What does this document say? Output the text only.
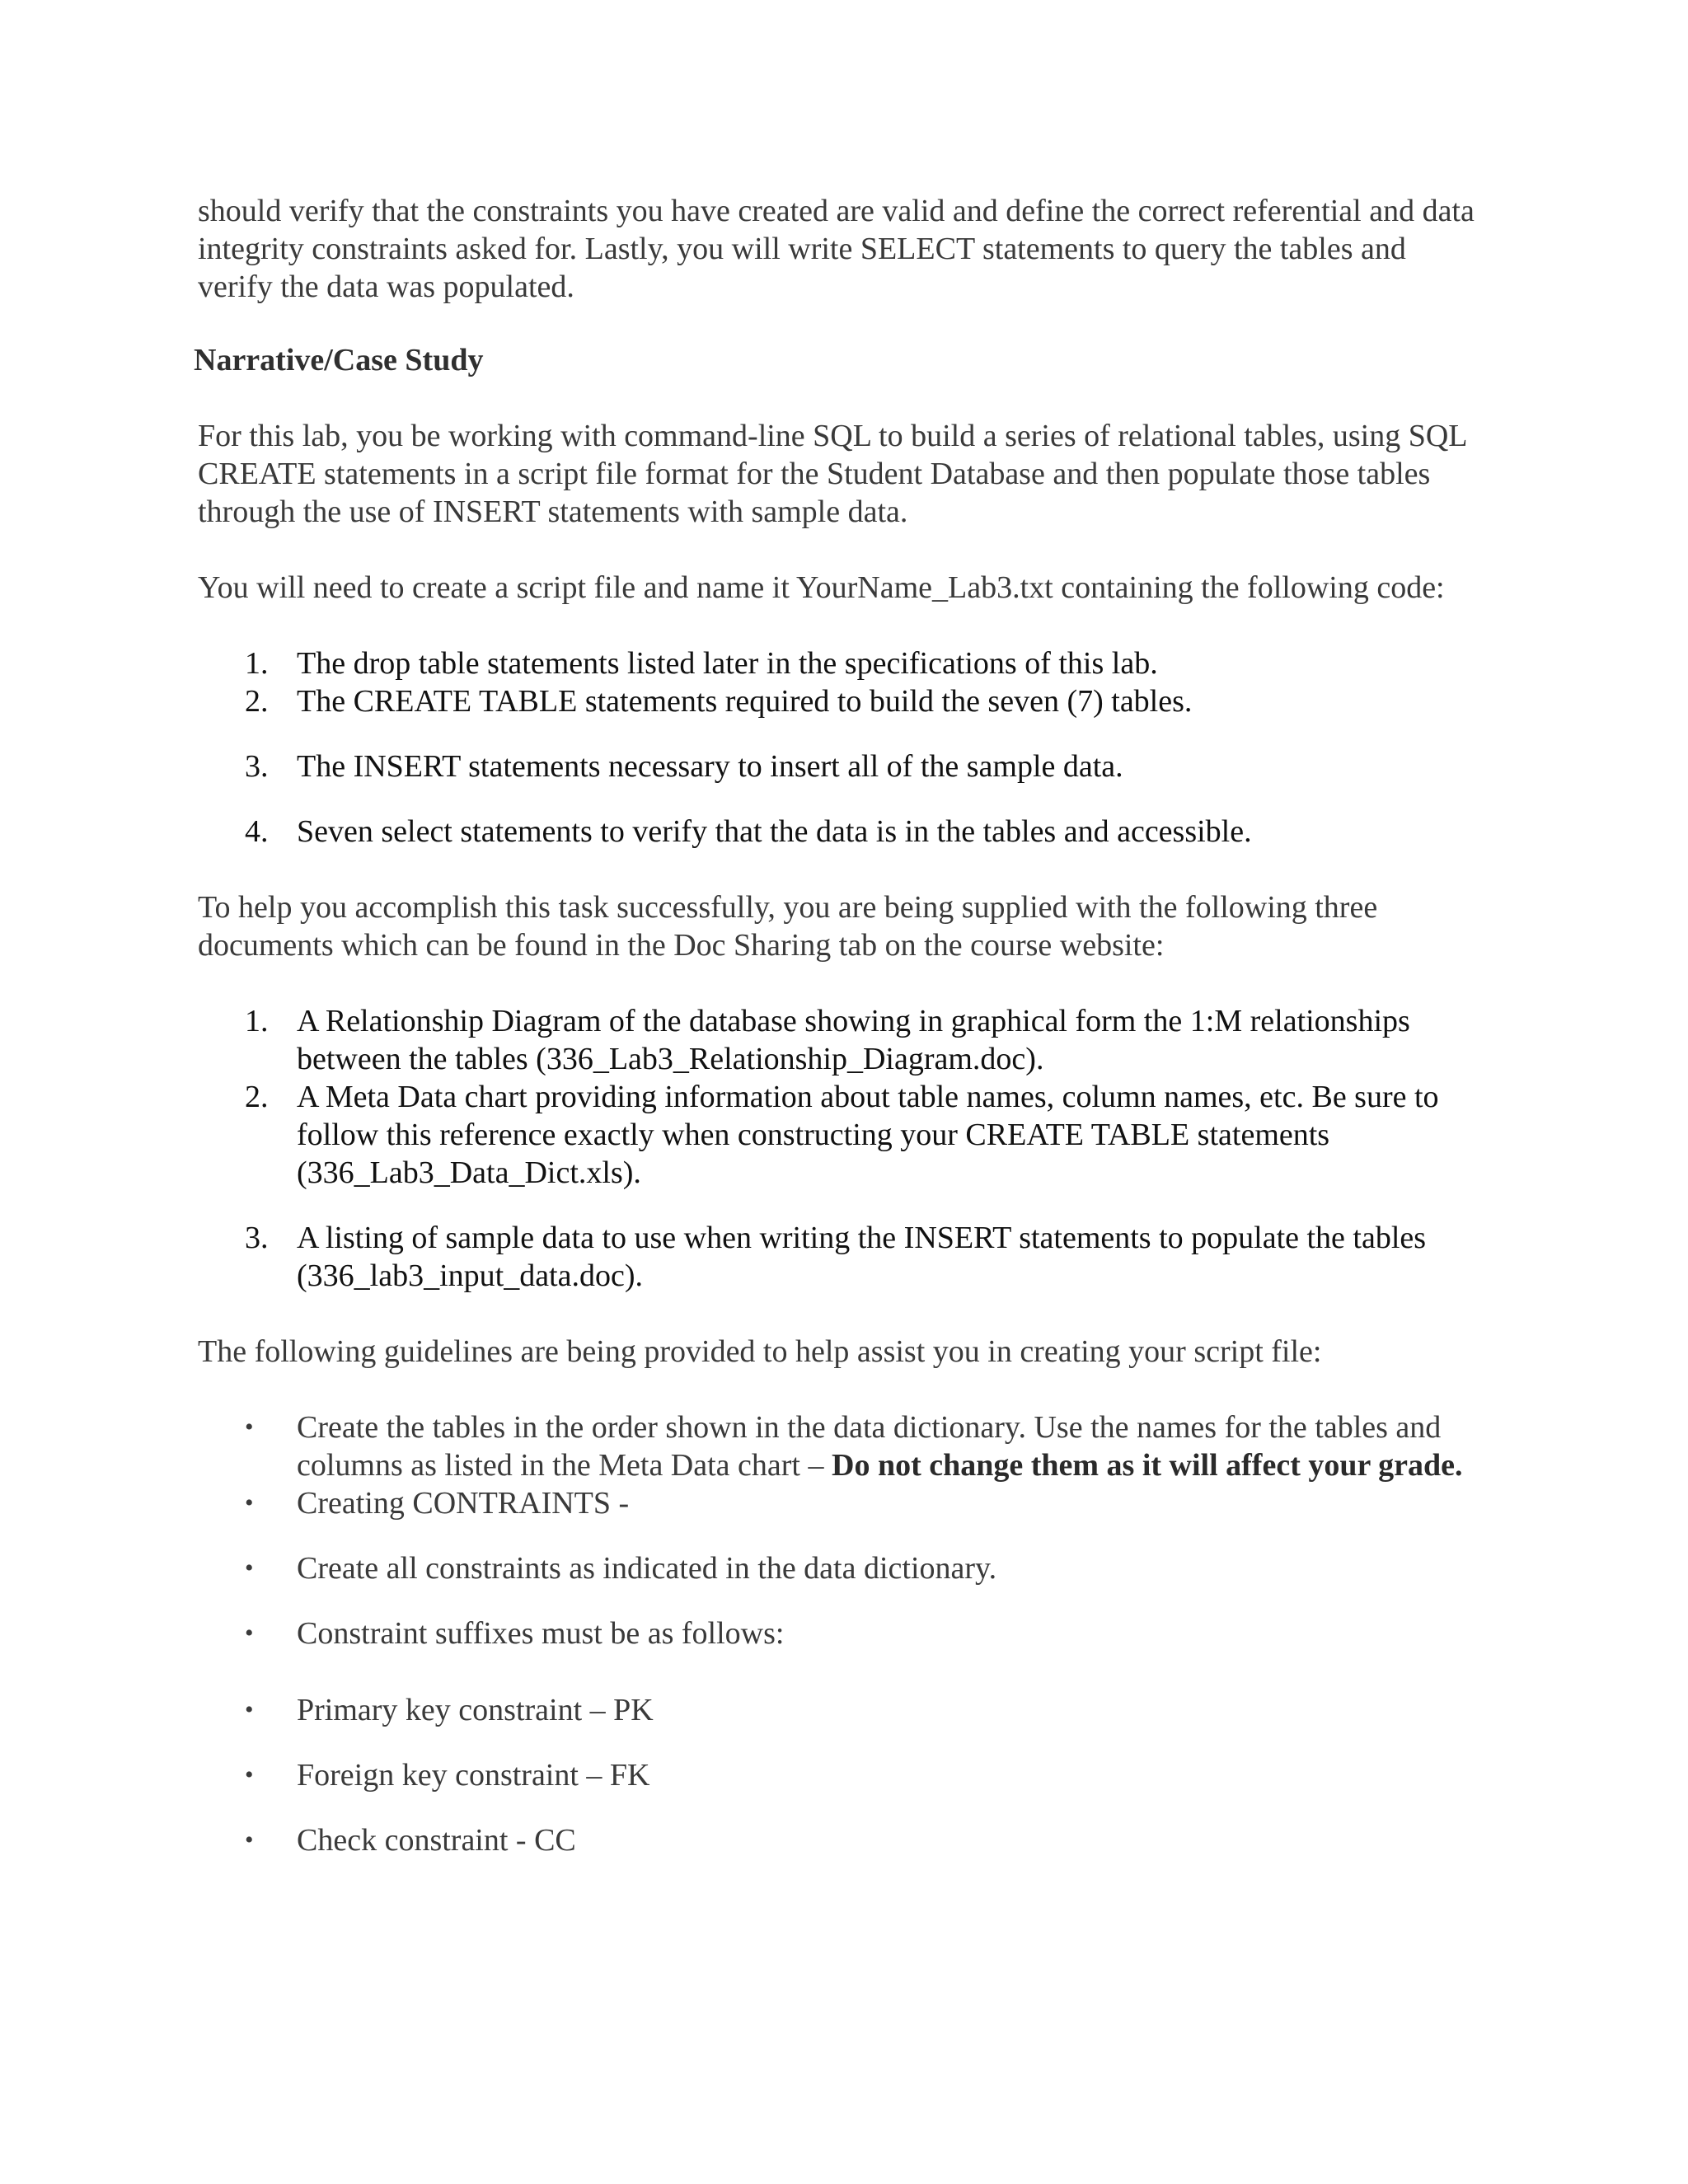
should verify that the constraints you have created are valid and define the correct referential and data integrity constraints asked for. Lastly, you will write SELECT statements to query the tables and verify the data was populated.

Narrative/Case Study

For this lab, you be working with command-line SQL to build a series of relational tables, using SQL CREATE statements in a script file format for the Student Database and then populate those tables through the use of INSERT statements with sample data.

You will need to create a script file and name it YourName_Lab3.txt containing the following code:

1. The drop table statements listed later in the specifications of this lab.
2. The CREATE TABLE statements required to build the seven (7) tables.
3. The INSERT statements necessary to insert all of the sample data.
4. Seven select statements to verify that the data is in the tables and accessible.

To help you accomplish this task successfully, you are being supplied with the following three documents which can be found in the Doc Sharing tab on the course website:

1. A Relationship Diagram of the database showing in graphical form the 1:M relationships between the tables (336_Lab3_Relationship_Diagram.doc).
2. A Meta Data chart providing information about table names, column names, etc. Be sure to follow this reference exactly when constructing your CREATE TABLE statements (336_Lab3_Data_Dict.xls).
3. A listing of sample data to use when writing the INSERT statements to populate the tables (336_lab3_input_data.doc).

The following guidelines are being provided to help assist you in creating your script file:

•	Create the tables in the order shown in the data dictionary. Use the names for the tables and columns as listed in the Meta Data chart – Do not change them as it will affect your grade.
•	Creating CONTRAINTS -
•	Create all constraints as indicated in the data dictionary.
•	Constraint suffixes must be as follows:
•	Primary key constraint – PK
•	Foreign key constraint – FK
•	Check constraint - CC
